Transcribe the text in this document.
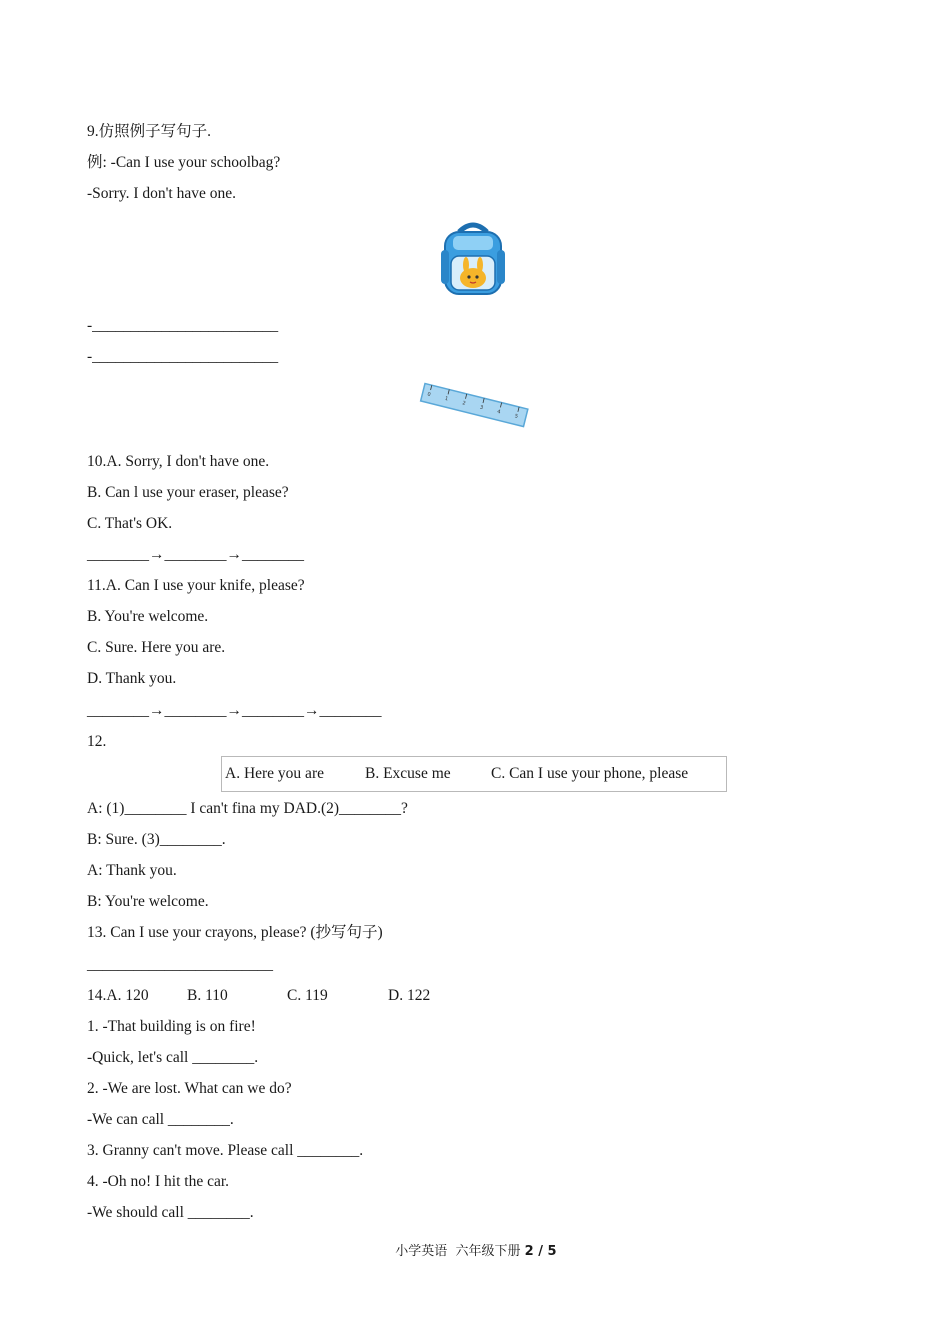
9.仿照例子写句子.
例: -Can I use your schoolbag?
-Sorry. I don't have one.
-________________________
-________________________
0
1
2
3
4
5
10.A. Sorry, I don't have one.
B. Can l use your eraser, please?
C. That's OK.
________→________→________
11.A. Can I use your knife, please?
B. You're welcome.
C. Sure. Here you are.
D. Thank you.
________→________→________→________
12.
A. Here you are	B. Excuse me	C. Can I use your phone, please
A: (1)________ I can't fina my DAD.(2)________?
B: Sure. (3)________.
A: Thank you.
B: You're welcome.
13. Can I use your crayons, please? (抄写句子)
________________________
14.A. 120 B. 110	C. 119	D. 122
1. -That building is on fire!
-Quick, let's call ________.
2. -We are lost. What can we do?
-We can call ________.
3. Granny can't move. Please call ________.
4. -Oh no! I hit the car.
-We should call ________.

小学英语  六年级下册 2 / 5
